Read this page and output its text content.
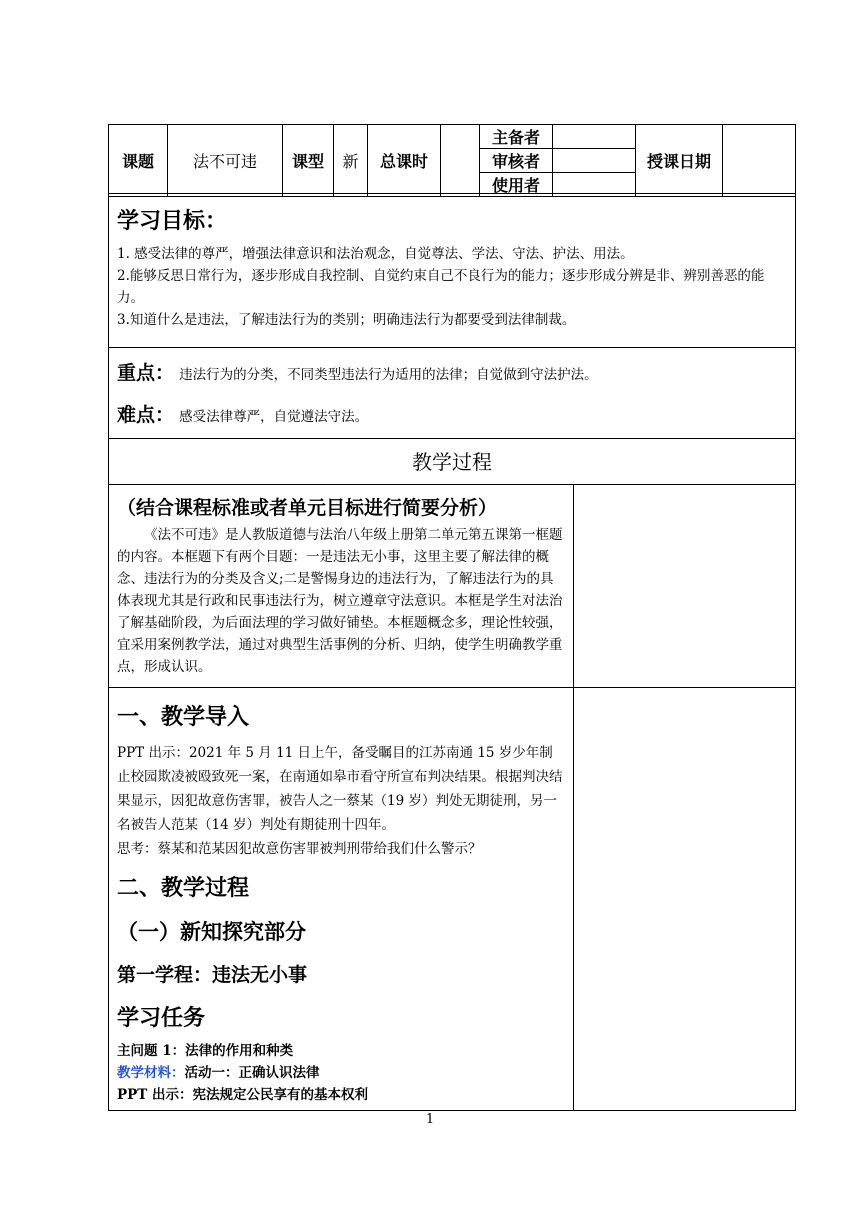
课题	法不可违	课型	新	总课时		主备者		授课日期	
						审核者			
						使用者			
学习目标：

1. 感受法律的尊严，增强法律意识和法治观念，自觉尊法、学法、守法、护法、用法。

2.能够反思日常行为，逐步形成自我控制、自觉约束自己不良行为的能力；逐步形成分辨是非、辨别善恶的能力。

3.知道什么是违法，了解违法行为的类别；明确违法行为都要受到法律制裁。

重点： 违法行为的分类，不同类型违法行为适用的法律；自觉做到守法护法。
难点： 感受法律尊严，自觉遵法守法。
教学过程
（结合课程标准或者单元目标进行简要分析）

《法不可违》是人教版道德与法治八年级上册第二单元第五课第一框题的内容。本框题下有两个目题：一是违法无小事，这里主要了解法律的概念、违法行为的分类及含义;二是警惕身边的违法行为，了解违法行为的具体表现尤其是行政和民事违法行为，树立遵章守法意识。本框是学生对法治了解基础阶段，为后面法理的学习做好铺垫。本框题概念多，理论性较强，宜采用案例教学法，通过对典型生活事例的分析、归纳，使学生明确教学重点，形成认识。

一、教学导入

PPT 出示：2021 年 5 月 11 日上午，备受瞩目的江苏南通 15 岁少年制止校园欺凌被殴致死一案，在南通如皋市看守所宣布判决结果。根据判决结果显示，因犯故意伤害罪，被告人之一蔡某（19 岁）判处无期徒刑，另一名被告人范某（14 岁）判处有期徒刑十四年。

思考：蔡某和范某因犯故意伤害罪被判刑带给我们什么警示？

二、教学过程
（一）新知探究部分
第一学程：违法无小事
学习任务

主问题 1：法律的作用和种类

教学材料：活动一：正确认识法律

PPT 出示：宪法规定公民享有的基本权利

1
